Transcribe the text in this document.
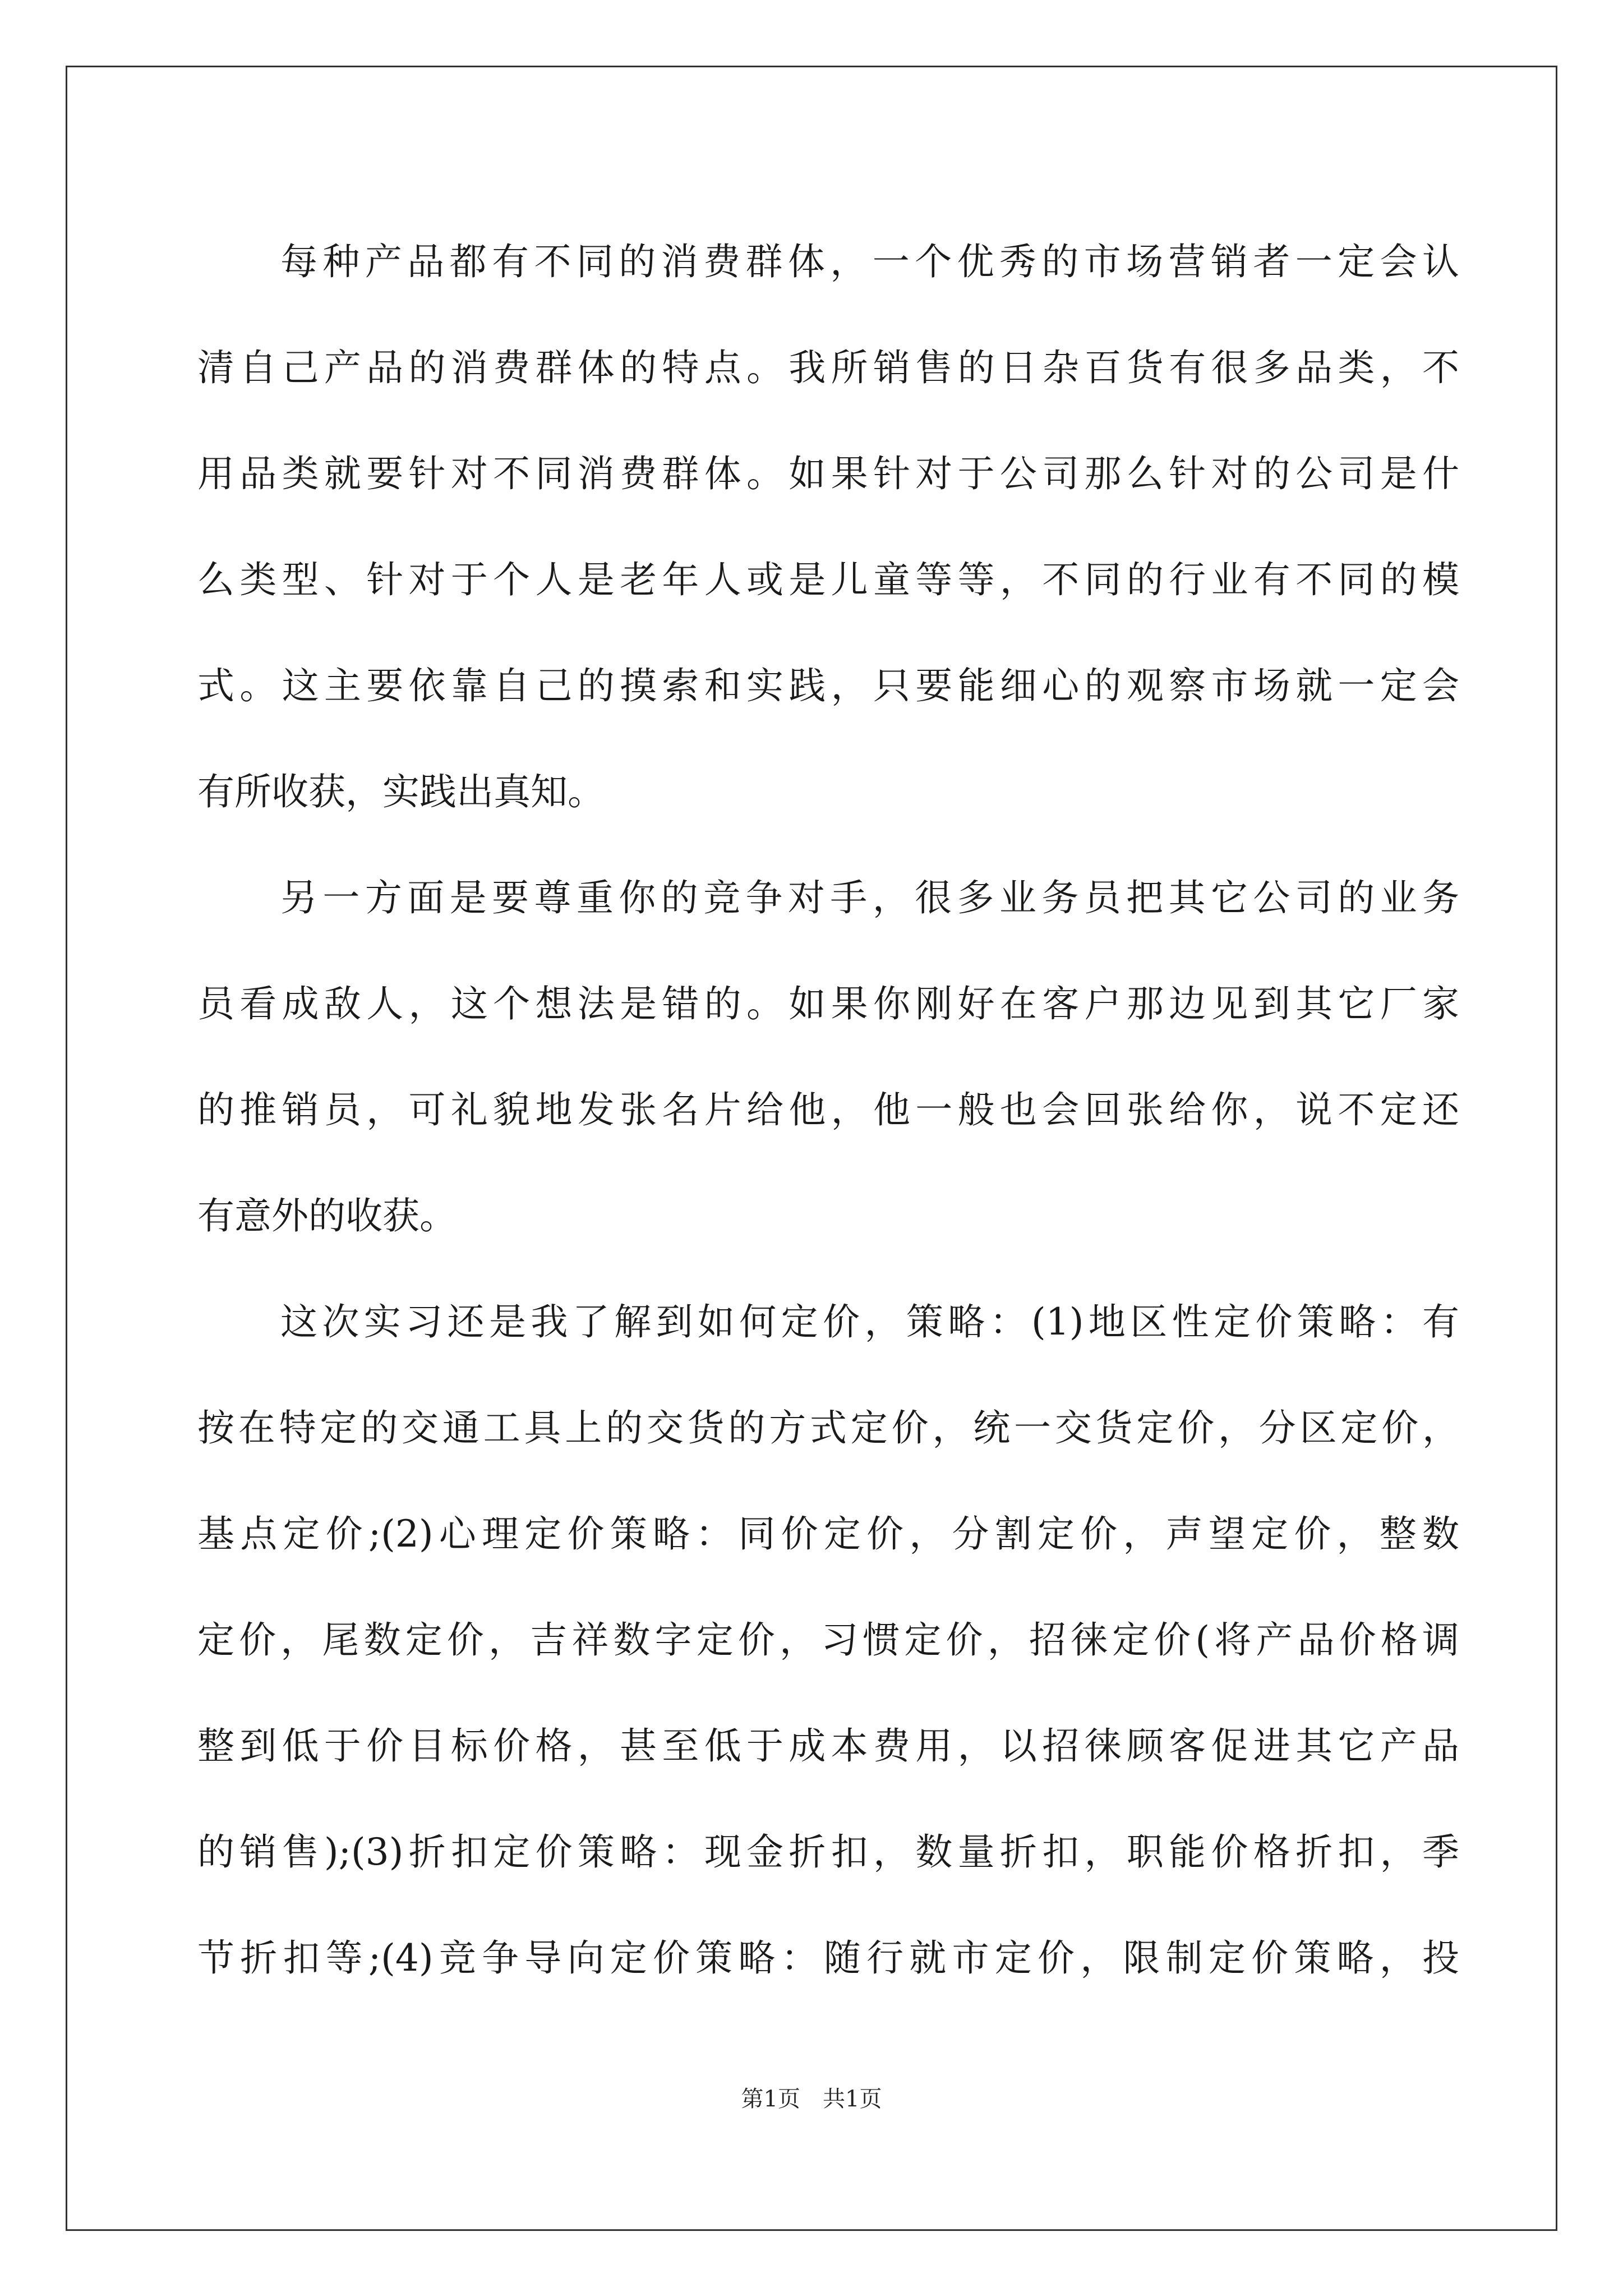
每种产品都有不同的消费群体，一个优秀的市场营销者一定会认
清自己产品的消费群体的特点。我所销售的日杂百货有很多品类，不
用品类就要针对不同消费群体。如果针对于公司那么针对的公司是什
么类型、针对于个人是老年人或是儿童等等，不同的行业有不同的模
式。这主要依靠自己的摸索和实践，只要能细心的观察市场就一定会
有所收获，实践出真知。
另一方面是要尊重你的竞争对手，很多业务员把其它公司的业务
员看成敌人，这个想法是错的。如果你刚好在客户那边见到其它厂家
的推销员，可礼貌地发张名片给他，他一般也会回张给你，说不定还
有意外的收获。
这次实习还是我了解到如何定价，策略：(1)地区性定价策略：有
按在特定的交通工具上的交货的方式定价，统一交货定价，分区定价，
基点定价;(2)心理定价策略：同价定价，分割定价，声望定价，整数
定价，尾数定价，吉祥数字定价，习惯定价，招徕定价(将产品价格调
整到低于价目标价格，甚至低于成本费用，以招徕顾客促进其它产品
的销售);(3)折扣定价策略：现金折扣，数量折扣，职能价格折扣，季
节折扣等;(4)竞争导向定价策略：随行就市定价，限制定价策略，投
第1页 共1页
